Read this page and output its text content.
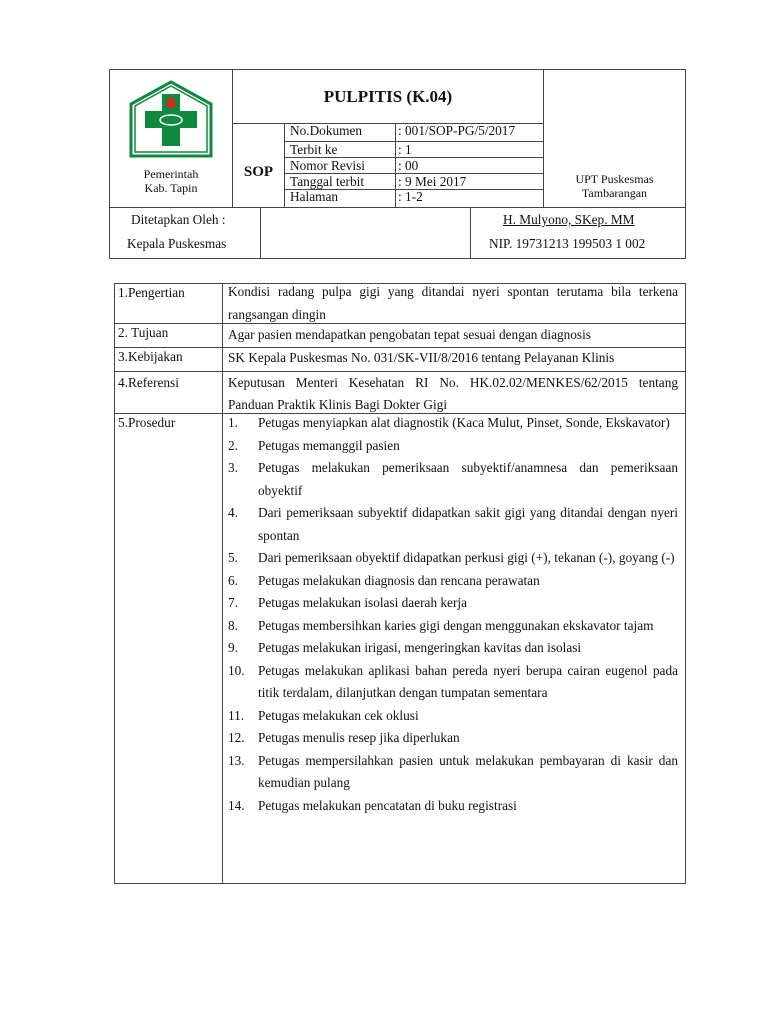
Pemerintah
Kab. Tapin
PULPITIS (K.04)
SOP
No.Dokumen	: 001/SOP-PG/5/2017
Terbit ke	: 1
Nomor Revisi : 00
Tanggal terbit	: 9 Mei 2017
Halaman	: 1-2
UPT Puskesmas
Tambarangan
Ditetapkan Oleh :
Kepala Puskesmas
H. Mulyono, SKep. MM
NIP. 19731213 199503 1 002
1.Pengertian	Kondisi radang pulpa gigi yang ditandai nyeri spontan terutama bila terkena rangsangan dingin
2. Tujuan	Agar pasien mendapatkan pengobatan tepat sesuai dengan diagnosis
3.Kebijakan	SK Kepala Puskesmas No. 031/SK-VII/8/2016 tentang Pelayanan Klinis
4.Referensi	Keputusan Menteri Kesehatan RI No. HK.02.02/MENKES/62/2015 tentang Panduan Praktik Klinis Bagi Dokter Gigi
5.Prosedur	1. Petugas menyiapkan alat diagnostik (Kaca Mulut, Pinset, Sonde, Ekskavator)
2. Petugas memanggil pasien
3. Petugas melakukan pemeriksaan subyektif/anamnesa dan pemeriksaan obyektif
4. Dari pemeriksaan subyektif didapatkan sakit gigi yang ditandai dengan nyeri spontan
5. Dari pemeriksaan obyektif didapatkan perkusi gigi (+), tekanan (-), goyang (-)
6. Petugas melakukan diagnosis dan rencana perawatan
7. Petugas melakukan isolasi daerah kerja
8. Petugas membersihkan karies gigi dengan menggunakan ekskavator tajam
9. Petugas melakukan irigasi, mengeringkan kavitas dan isolasi
10. Petugas melakukan aplikasi bahan pereda nyeri berupa cairan eugenol pada titik terdalam, dilanjutkan dengan tumpatan sementara
11. Petugas melakukan cek oklusi
12. Petugas menulis resep jika diperlukan
13. Petugas mempersilahkan pasien untuk melakukan pembayaran di kasir dan kemudian pulang
14. Petugas melakukan pencatatan di buku registrasi
